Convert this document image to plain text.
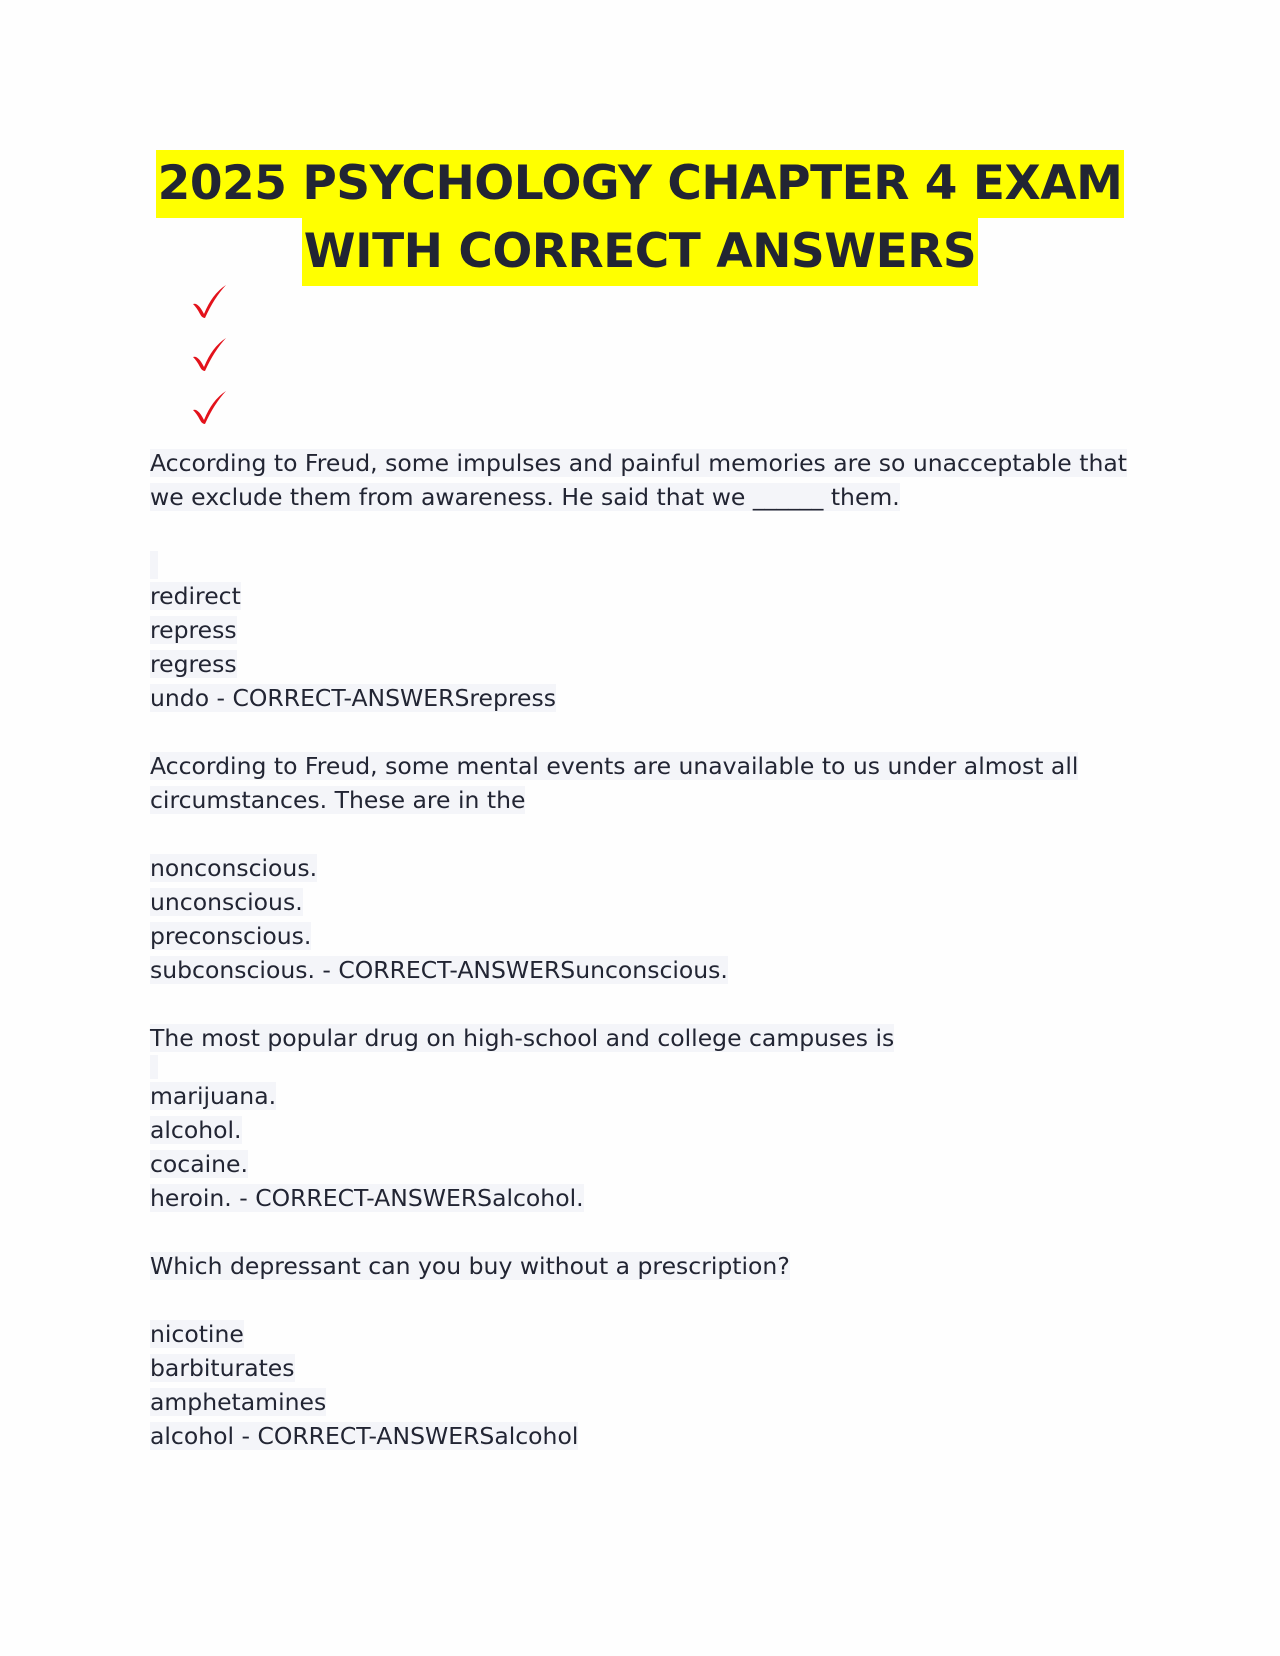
2025 PSYCHOLOGY CHAPTER 4 EXAM
WITH CORRECT ANSWERS
According to Freud, some impulses and painful memories are so unacceptable that
we exclude them from awareness. He said that we ______ them.
redirect
repress
regress
undo - CORRECT-ANSWERSrepress
According to Freud, some mental events are unavailable to us under almost all
circumstances. These are in the
nonconscious.
unconscious.
preconscious.
subconscious. - CORRECT-ANSWERSunconscious.
The most popular drug on high-school and college campuses is
marijuana.
alcohol.
cocaine.
heroin. - CORRECT-ANSWERSalcohol.
Which depressant can you buy without a prescription?
nicotine
barbiturates
amphetamines
alcohol - CORRECT-ANSWERSalcohol
